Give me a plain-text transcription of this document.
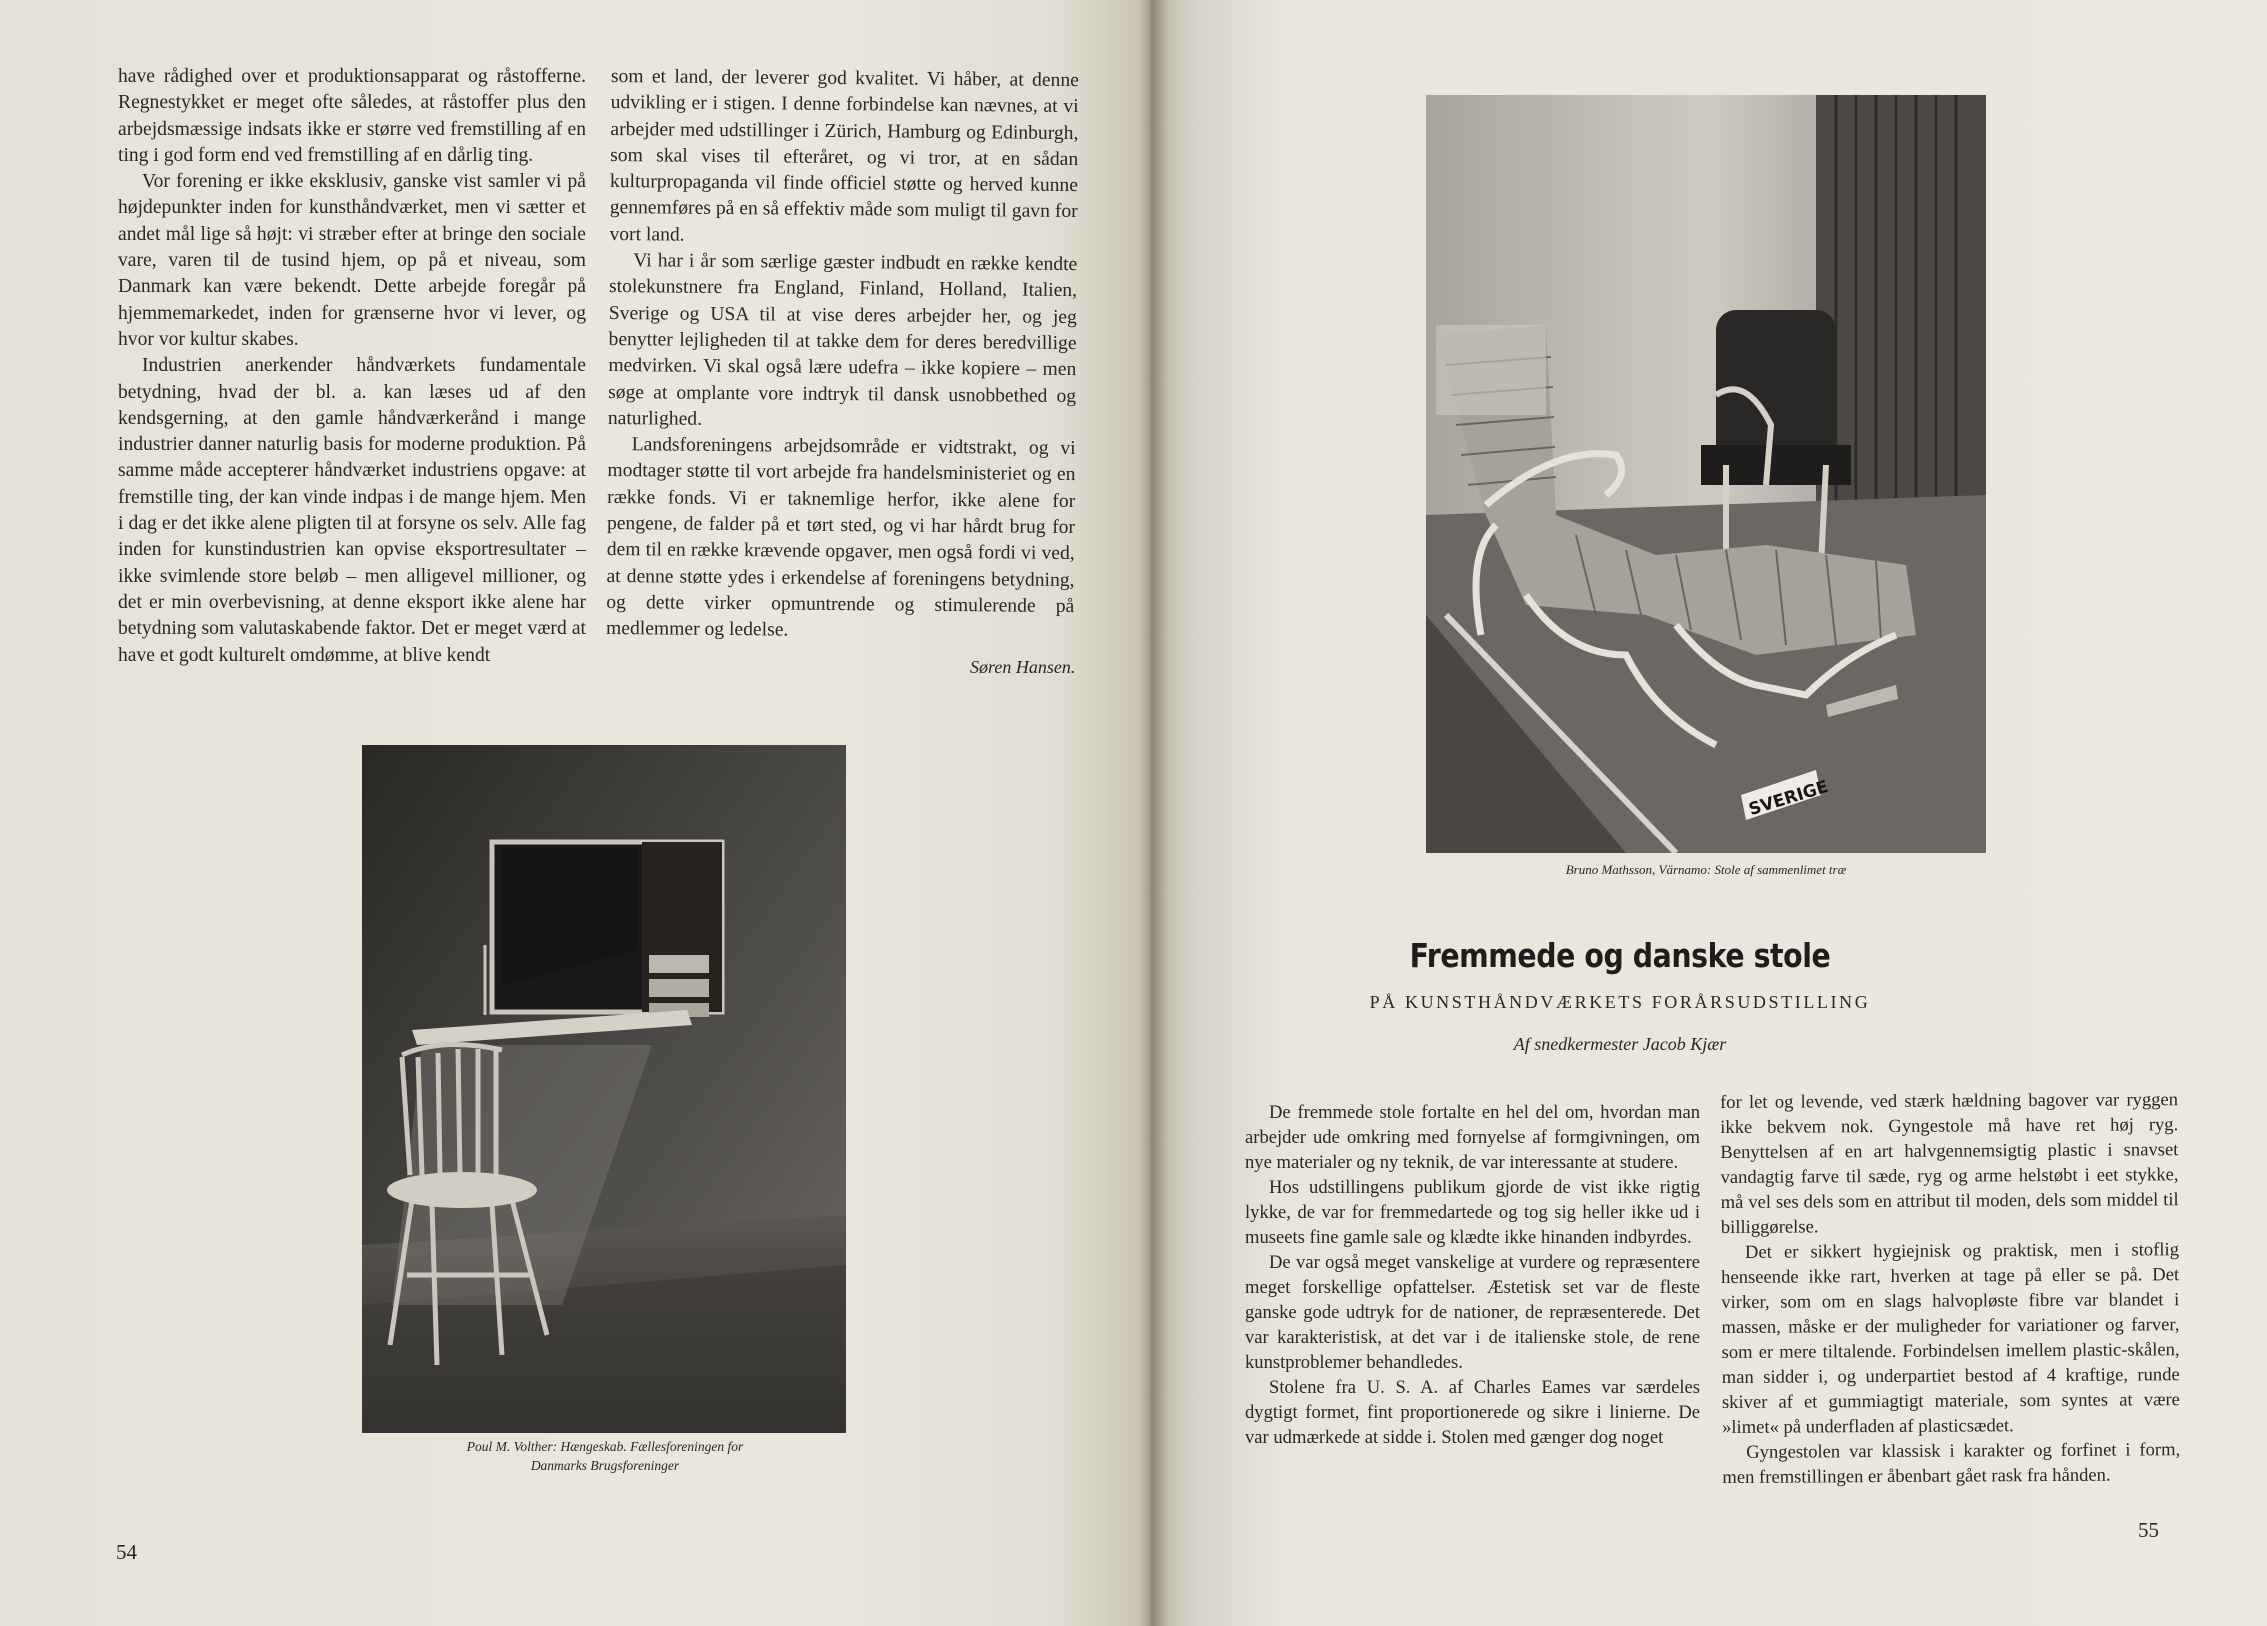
have rådighed over et produktionsapparat og råstofferne. Regnestykket er meget ofte således, at råstoffer plus den arbejdsmæssige indsats ikke er større ved fremstilling af en ting i god form end ved fremstilling af en dårlig ting.

Vor forening er ikke eksklusiv, ganske vist samler vi på højdepunkter inden for kunsthåndværket, men vi sætter et andet mål lige så højt: vi stræber efter at bringe den sociale vare, varen til de tusind hjem, op på et niveau, som Danmark kan være bekendt. Dette arbejde foregår på hjemmemarkedet, inden for grænserne hvor vi lever, og hvor vor kultur skabes.

Industrien anerkender håndværkets fundamentale betydning, hvad der bl. a. kan læses ud af den kendsgerning, at den gamle håndværkerånd i mange industrier danner naturlig basis for moderne produktion. På samme måde accepterer håndværket industriens opgave: at fremstille ting, der kan vinde indpas i de mange hjem. Men i dag er det ikke alene pligten til at forsyne os selv. Alle fag inden for kunstindustrien kan opvise eksportresultater – ikke svimlende store beløb – men alligevel millioner, og det er min overbevisning, at denne eksport ikke alene har betydning som valutaskabende faktor. Det er meget værd at have et godt kulturelt omdømme, at blive kendt

som et land, der leverer god kvalitet. Vi håber, at denne udvikling er i stigen. I denne forbindelse kan nævnes, at vi arbejder med udstillinger i Zürich, Hamburg og Edinburgh, som skal vises til efteråret, og vi tror, at en sådan kulturpropaganda vil finde officiel støtte og herved kunne gennemføres på en så effektiv måde som muligt til gavn for vort land.

Vi har i år som særlige gæster indbudt en række kendte stolekunstnere fra England, Finland, Holland, Italien, Sverige og USA til at vise deres arbejder her, og jeg benytter lejligheden til at takke dem for deres beredvillige medvirken. Vi skal også lære udefra – ikke kopiere – men søge at omplante vore indtryk til dansk usnobbethed og naturlighed.

Landsforeningens arbejdsområde er vidtstrakt, og vi modtager støtte til vort arbejde fra handelsministeriet og en række fonds. Vi er taknemlige herfor, ikke alene for pengene, de falder på et tørt sted, og vi har hårdt brug for dem til en række krævende opgaver, men også fordi vi ved, at denne støtte ydes i erkendelse af foreningens betydning, og dette virker opmuntrende og stimulerende på medlemmer og ledelse.

Søren Hansen.
Poul M. Volther: Hængeskab. Fællesforeningen for
Danmarks Brugsforeninger
54
SVERIGE
Bruno Mathsson, Värnamo: Stole af sammenlimet træ
Fremmede og danske stole
PÅ KUNSTHÅNDVÆRKETS FORÅRSUDSTILLING
Af snedkermester Jacob Kjær

De fremmede stole fortalte en hel del om, hvordan man arbejder ude omkring med fornyelse af formgivningen, om nye materialer og ny teknik, de var interessante at studere.

Hos udstillingens publikum gjorde de vist ikke rigtig lykke, de var for fremmedartede og tog sig heller ikke ud i museets fine gamle sale og klædte ikke hinanden indbyrdes.

De var også meget vanskelige at vurdere og repræsentere meget forskellige opfattelser. Æstetisk set var de fleste ganske gode udtryk for de nationer, de repræsenterede. Det var karakteristisk, at det var i de italienske stole, de rene kunstproblemer behandledes.

Stolene fra U. S. A. af Charles Eames var særdeles dygtigt formet, fint proportionerede og sikre i linierne. De var udmærkede at sidde i. Stolen med gænger dog noget

for let og levende, ved stærk hældning bagover var ryggen ikke bekvem nok. Gyngestole må have ret høj ryg. Benyttelsen af en art halvgennemsigtig plastic i snavset vandagtig farve til sæde, ryg og arme helstøbt i eet stykke, må vel ses dels som en attribut til moden, dels som middel til billiggørelse.

Det er sikkert hygiejnisk og praktisk, men i stoflig henseende ikke rart, hverken at tage på eller se på. Det virker, som om en slags halvopløste fibre var blandet i massen, måske er der muligheder for variationer og farver, som er mere tiltalende. Forbindelsen imellem plastic-skålen, man sidder i, og underpartiet bestod af 4 kraftige, runde skiver af et gummiagtigt materiale, som syntes at være »limet« på underfladen af plasticsædet.

Gyngestolen var klassisk i karakter og forfinet i form, men fremstillingen er åbenbart gået rask fra hånden.

55
